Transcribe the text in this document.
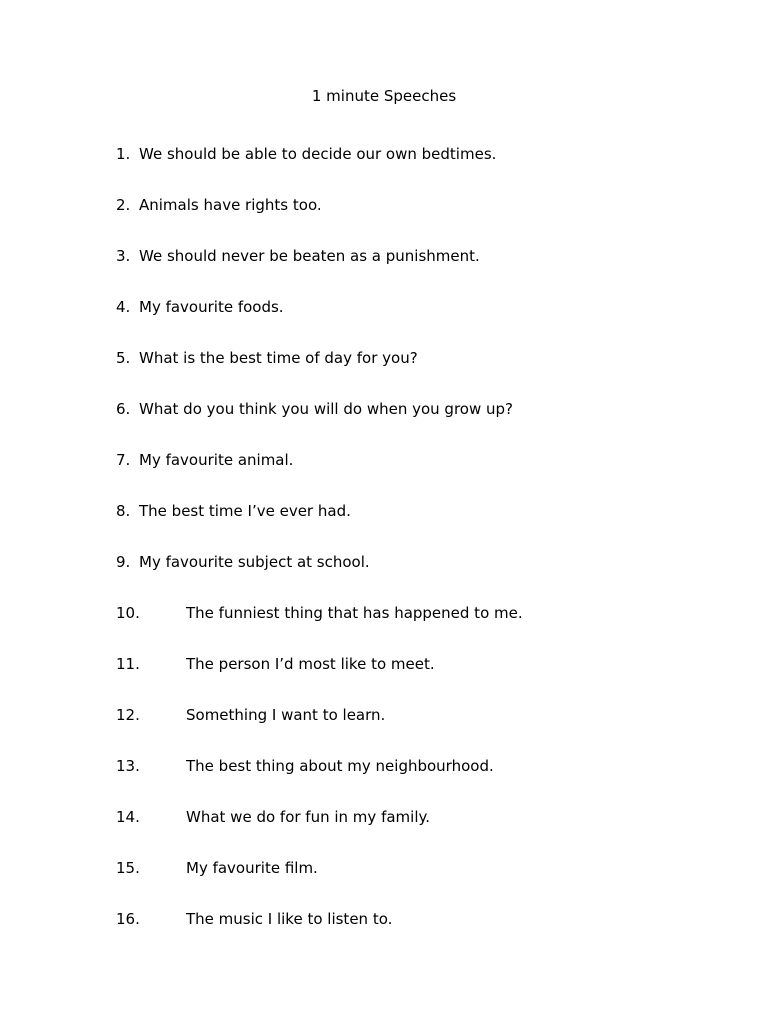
1 minute Speeches
1. We should be able to decide our own bedtimes.
2. Animals have rights too.
3. We should never be beaten as a punishment.
4. My favourite foods.
5. What is the best time of day for you?
6. What do you think you will do when you grow up?
7. My favourite animal.
8. The best time I’ve ever had.
9. My favourite subject at school.
10.	The funniest thing that has happened to me.
11.	The person I’d most like to meet.
12.	Something I want to learn.
13.	The best thing about my neighbourhood.
14.	What we do for fun in my family.
15.	My favourite film.
16.	The music I like to listen to.
